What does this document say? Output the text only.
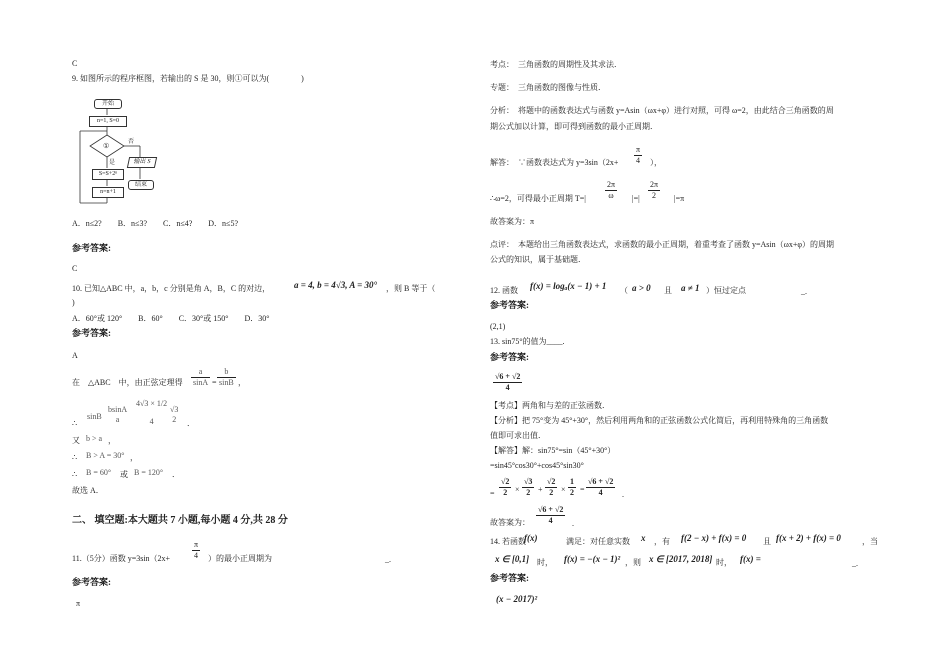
C
9. 如图所示的程序框图，若输出的 S 是 30，则①可以为(　　　　)
开始
n=1, S=0
①	否
是	输出 S
结束
S=S+2ⁿ
n=n+1
A．n≤2?　　B．n≤3?　　C．n≤4?　　D．n≤5?
参考答案:
C
10. 已知△ABC 中，a，b，c 分别是角 A，B，C 的对边，	a = 4, b = 4√3, A = 30° ，则 B 等于（
)
A．60°或 120°　　B．60°　　C．30°或 150°　　D．30°
参考答案:
A
在　△ABC　中，由正弦定理得 $\frac{a}{\sin A} = \frac{b}{\sin B}$ ，
∴
sinB
bsinA
a
4√3 × 1/2
4
√3
2	．
又 b > a ，
∴ B > A = 30° ，
∴ B = 60° 或 B = 120° ．
故选 A．
二、 填空题:本大题共 7 小题,每小题 4 分,共 28 分
11.（5分）函数 y=3sin（2x+	$\frac{\pi}{4}$ ）的最小正周期为	_.
参考答案:
π
考点：　三角函数的周期性及其求法．
专题：　三角函数的图像与性质．
分析：　将题中的函数表达式与函数 y=Asin（ωx+φ）进行对照，可得 ω=2，由此结合三角函数的周
期公式加以计算，即可得到函数的最小正周期．
解答：　∵函数表达式为 $y=3\sin(2x+ \frac{\pi}{4}$ ），
∴ω=2，可得最小正周期 $T=| \frac{2\pi}{\omega}$ |=| $\frac{2\pi}{2} |=\pi$
故答案为：π
点评：　本题给出三角函数表达式，求函数的最小正周期，着重考查了函数 y=Asin（ωx+φ）的周期
公式的知识，属于基础题．
12. 函数 f(x) = logₐ(x − 1) + 1 （ a > 0 且 a ≠ 1 ）恒过定点	_.
参考答案:
(2,1)
13. sin75°的值为____.
参考答案:
$\frac{√6 + √2}{4}$
【考点】两角和与差的正弦函数．
【分析】把 75°变为 45°+30°，然后利用两角和的正弦函数公式化简后，再利用特殊角的三角函数
值即可求出值．
【解答】解：sin75°=sin（45°+30°）
=sin45°cos30°+cos45°sin30°
= $\frac{√2}{2} \times \frac{√3}{2} + \frac{√2}{2} \times \frac{1}{2} = \frac{√6 + √2}{4}$ .
故答案为： $\frac{√6 + √2}{4}$ .
14. 若函数
f(x)	满足：对任意实数 x ，有 f(2 − x) + f(x) = 0 且 f(x + 2) + f(x) = 0	，当
x ∈ [0,1] 时， f(x) = −(x − 1)² ，则 x ∈ [2017, 2018] 时， f(x) =	_.
参考答案:
(x − 2017)²
